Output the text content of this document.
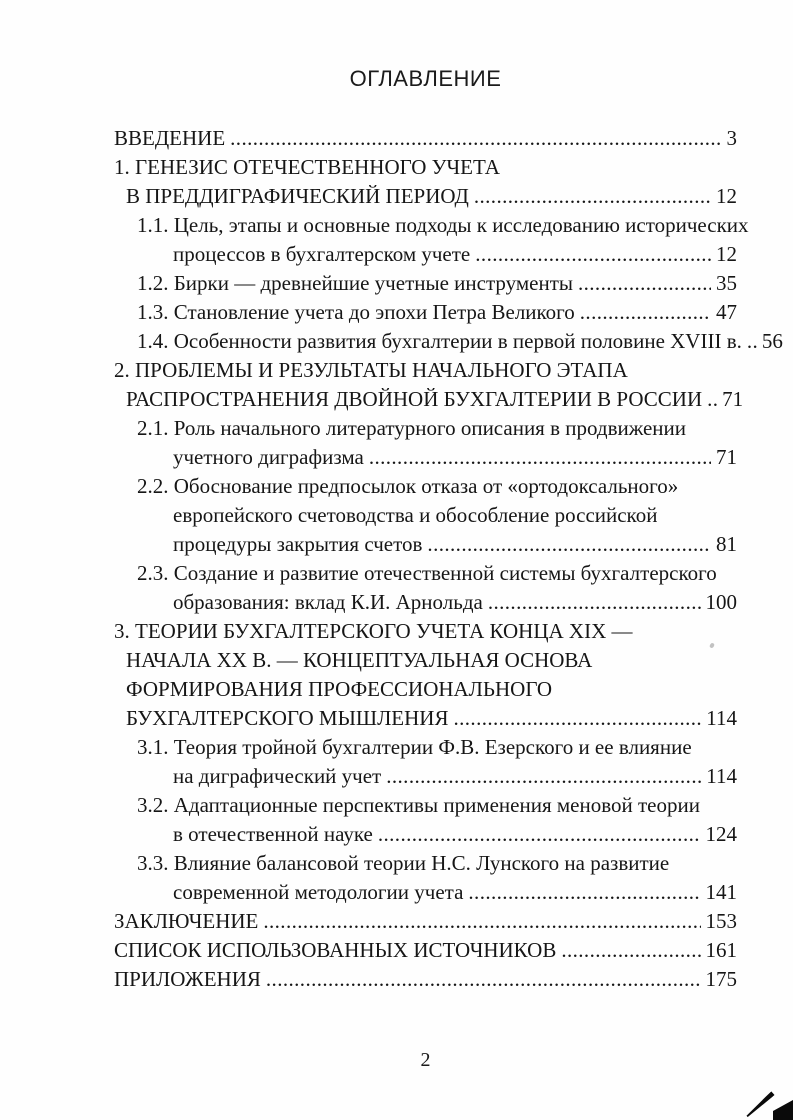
ОГЛАВЛЕНИЕ
ВВЕДЕНИЕ .....	3
1. ГЕНЕЗИС ОТЕЧЕСТВЕННОГО УЧЕТА
В ПРЕДДИГРАФИЧЕСКИЙ ПЕРИОД .....	12
1.1. Цель, этапы и основные подходы к исследованию исторических
процессов в бухгалтерском учете .....	12
1.2. Бирки — древнейшие учетные инструменты .....	35
1.3. Становление учета до эпохи Петра Великого .....	47
1.4. Особенности развития бухгалтерии в первой половине XVIII в. ..... 56
2. ПРОБЛЕМЫ И РЕЗУЛЬТАТЫ НАЧАЛЬНОГО ЭТАПА
РАСПРОСТРАНЕНИЯ ДВОЙНОЙ БУХГАЛТЕРИИ В РОССИИ ..... 71
2.1. Роль начального литературного описания в продвижении
учетного диграфизма .....	71
2.2. Обоснование предпосылок отказа от «ортодоксального»
европейского счетоводства и обособление российской
процедуры закрытия счетов .....	81
2.3. Создание и развитие отечественной системы бухгалтерского
образования: вклад К.И. Арнольда .....	100
3. ТЕОРИИ БУХГАЛТЕРСКОГО УЧЕТА КОНЦА XIX —
НАЧАЛА XX В. — КОНЦЕПТУАЛЬНАЯ ОСНОВА
ФОРМИРОВАНИЯ ПРОФЕССИОНАЛЬНОГО
БУХГАЛТЕРСКОГО МЫШЛЕНИЯ .....	114
3.1. Теория тройной бухгалтерии Ф.В. Езерского и ее влияние
на диграфический учет .....	114
3.2. Адаптационные перспективы применения меновой теории
в отечественной науке .....	124
3.3. Влияние балансовой теории Н.С. Лунского на развитие
современной методологии учета .....	141
ЗАКЛЮЧЕНИЕ .....	153
СПИСОК ИСПОЛЬЗОВАННЫХ ИСТОЧНИКОВ .....	161
ПРИЛОЖЕНИЯ .....	175
2
